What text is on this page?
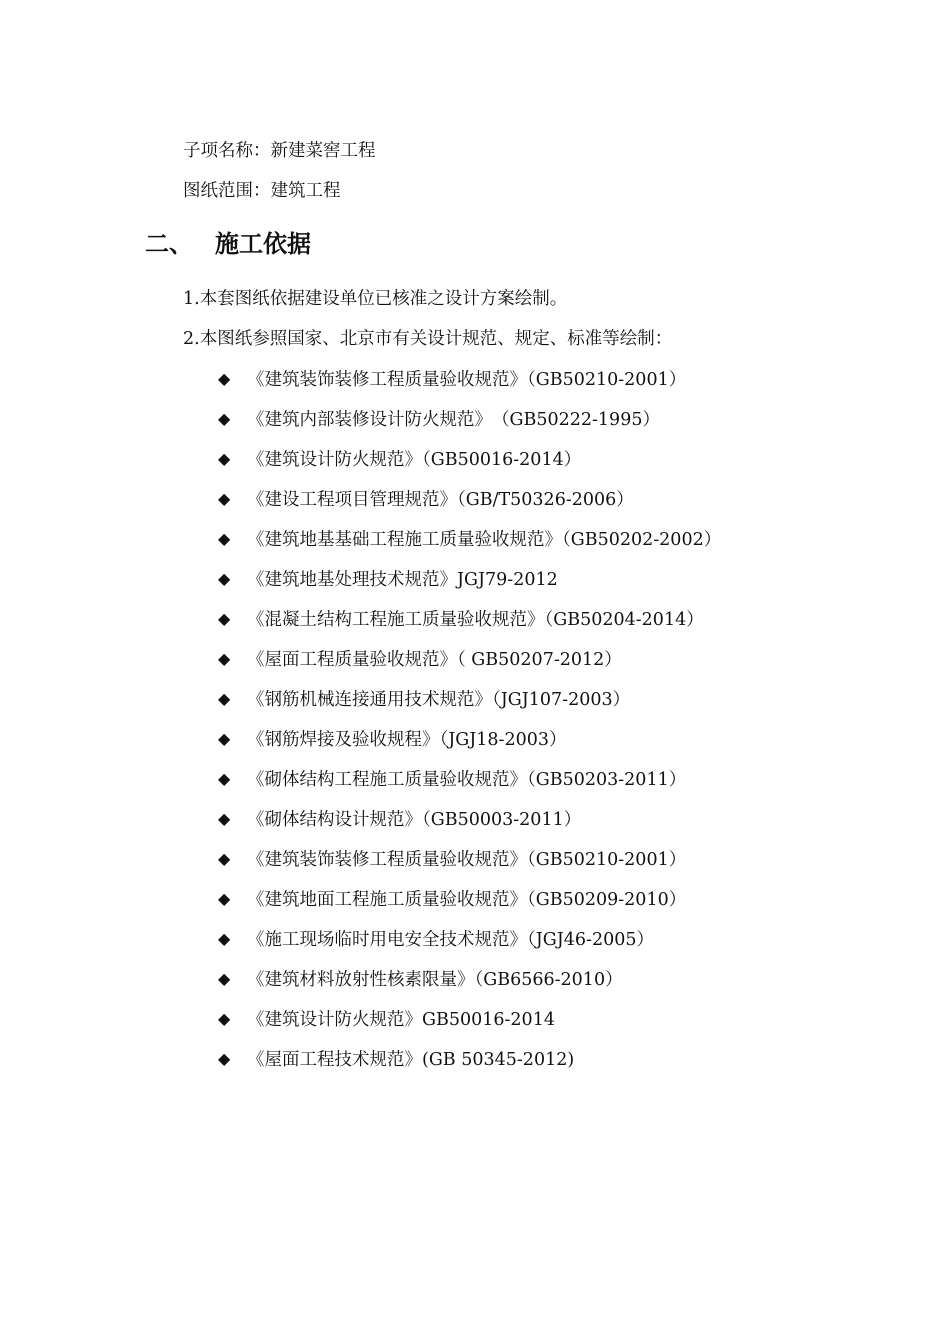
子项名称：新建菜窖工程
图纸范围：建筑工程
二、 施工依据
1.本套图纸依据建设单位已核准之设计方案绘制。
2.本图纸参照国家、北京市有关设计规范、规定、标准等绘制：
◆ 《建筑装饰装修工程质量验收规范》（GB50210-2001）
◆ 《建筑内部装修设计防火规范》　（GB50222-1995）
◆ 《建筑设计防火规范》（GB50016-2014）
◆ 《建设工程项目管理规范》（GB/T50326-2006）
◆ 《建筑地基基础工程施工质量验收规范》（GB50202-2002）
◆ 《建筑地基处理技术规范》JGJ79-2012
◆ 《混凝土结构工程施工质量验收规范》（GB50204-2014）
◆ 《屋面工程质量验收规范》（ GB50207-2012）
◆ 《钢筋机械连接通用技术规范》（JGJ107-2003）
◆ 《钢筋焊接及验收规程》（JGJ18-2003）
◆ 《砌体结构工程施工质量验收规范》（GB50203-2011）
◆ 《砌体结构设计规范》（GB50003-2011）
◆ 《建筑装饰装修工程质量验收规范》（GB50210-2001）
◆ 《建筑地面工程施工质量验收规范》（GB50209-2010）
◆ 《施工现场临时用电安全技术规范》（JGJ46-2005）
◆ 《建筑材料放射性核素限量》（GB6566-2010）
◆ 《建筑设计防火规范》GB50016-2014
◆ 《屋面工程技术规范》(GB 50345-2012)
